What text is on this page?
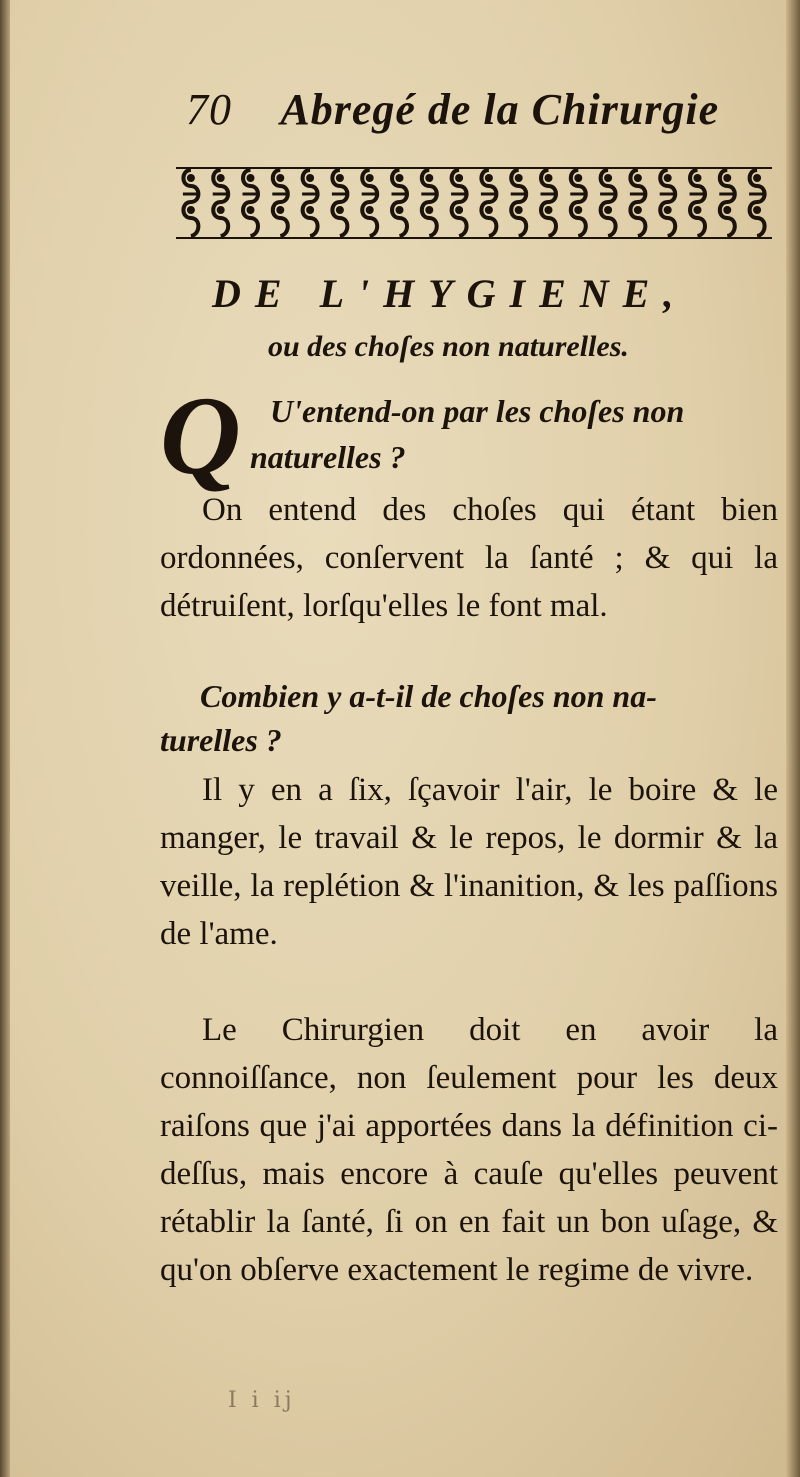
70 Abregé de la Chirurgie
DE L'HYGIENE,
ou des choſes non naturelles.
Q U'entend-on par les choſes non
naturelles ?
On entend des choſes qui étant bien ordonnées, conſervent la ſanté ; & qui la détruiſent, lorſqu'elles le font mal.
Combien y a-t-il de choſes non na-
turelles ?
Il y en a ſix, ſçavoir l'air, le boire & le manger, le travail & le repos, le dormir & la veille, la replétion & l'inanition, & les paſſions de l'ame.
Le Chirurgien doit en avoir la connoiſſance, non ſeulement pour les deux raiſons que j'ai apportées dans la définition ci-deſſus, mais encore à cauſe qu'elles peuvent rétablir la ſanté, ſi on en fait un bon uſage, & qu'on obſerve exactement le regime de vivre.
I i ij
